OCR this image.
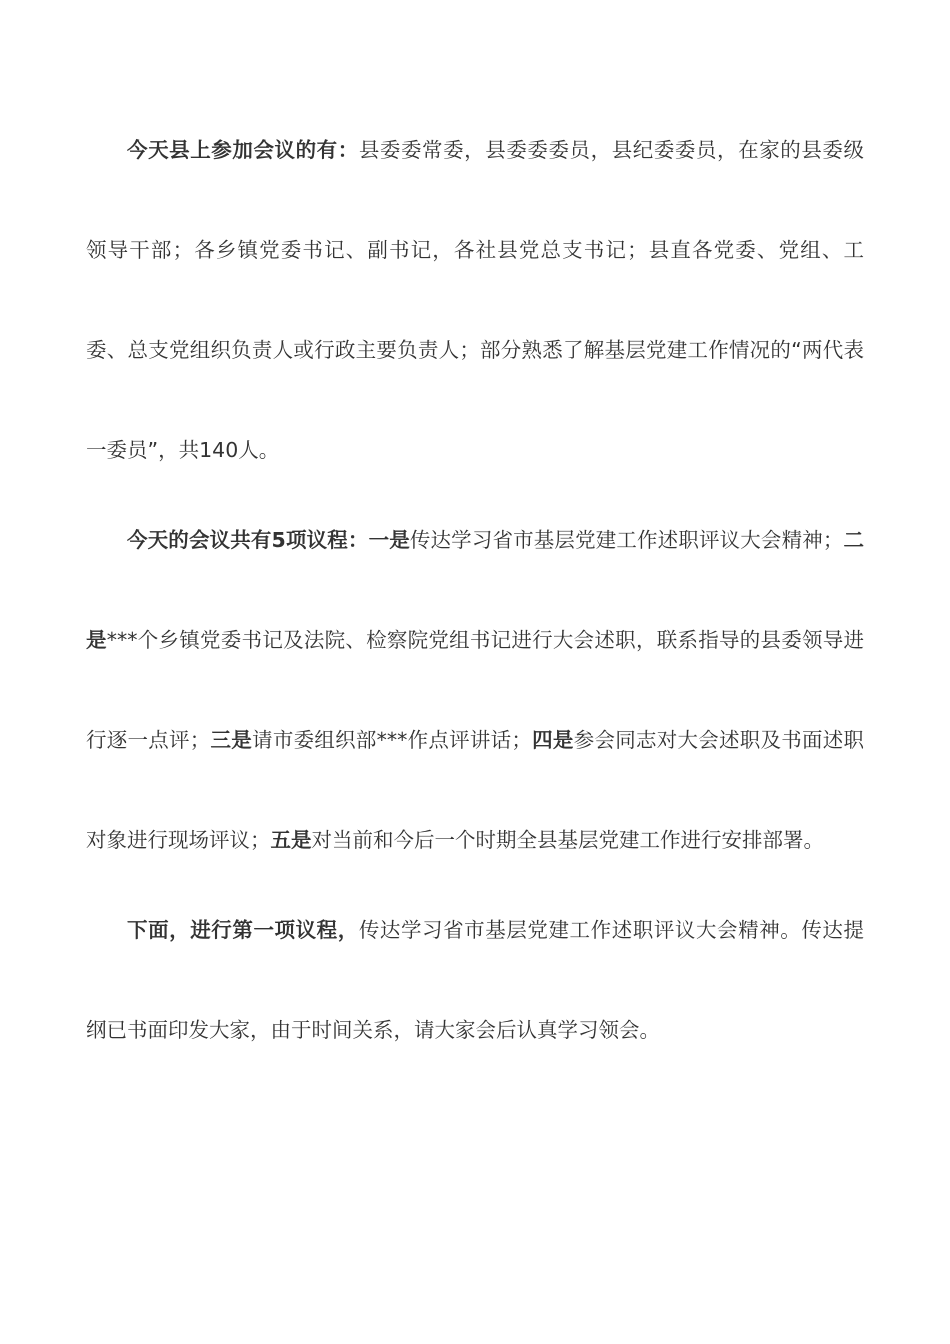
今天县上参加会议的有：县委委常委，县委委委员，县纪委委员，在家的县委级领导干部；各乡镇党委书记、副书记，各社县党总支书记；县直各党委、党组、工委、总支党组织负责人或行政主要负责人；部分熟悉了解基层党建工作情况的“两代表一委员”，共140人。

今天的会议共有5项议程：一是传达学习省市基层党建工作述职评议大会精神；二是***个乡镇党委书记及法院、检察院党组书记进行大会述职，联系指导的县委领导进行逐一点评；三是请市委组织部***作点评讲话；四是参会同志对大会述职及书面述职对象进行现场评议；五是对当前和今后一个时期全县基层党建工作进行安排部署。

下面，进行第一项议程，传达学习省市基层党建工作述职评议大会精神。传达提纲已书面印发大家，由于时间关系，请大家会后认真学习领会。
